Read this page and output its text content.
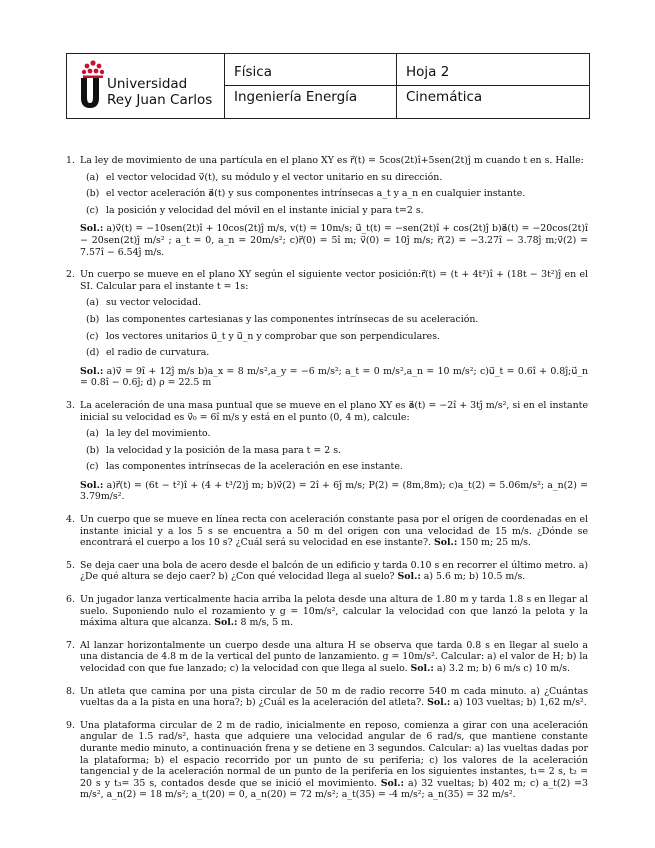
Universidad
Rey Juan Carlos
Física
Ingeniería Energía
Hoja 2
Cinemática
1. La ley de movimiento de una partícula en el plano XY es r⃗(t) = 5cos(2t)î+5sen(2t)ĵ m cuando t en s. Halle:
(a) el vector velocidad v⃗(t), su módulo y el vector unitario en su dirección.
(b) el vector aceleración a⃗(t) y sus componentes intrínsecas a_t y a_n en cualquier instante.
(c) la posición y velocidad del móvil en el instante inicial y para t=2 s.
Sol.: a)v⃗(t) = −10sen(2t)î + 10cos(2t)ĵ m/s, v(t) = 10m/s; u⃗_t(t) = −sen(2t)î + cos(2t)ĵ b)a⃗(t) = −20cos(2t)î − 20sen(2t)ĵ m/s² ; a_t = 0, a_n = 20m/s²; c)r⃗(0) = 5î m; v⃗(0) = 10ĵ m/s; r⃗(2) = −3.27î − 3.78ĵ m;v⃗(2) = 7.57î − 6.54ĵ m/s.
2. Un cuerpo se mueve en el plano XY según el siguiente vector posición:r⃗(t) = (t + 4t²)î + (18t − 3t²)ĵ en el SI. Calcular para el instante t = 1s:
(a) su vector velocidad.
(b) las componentes cartesianas y las componentes intrínsecas de su aceleración.
(c) los vectores unitarios u⃗_t y u⃗_n y comprobar que son perpendiculares.
(d) el radio de curvatura.
Sol.: a)v⃗ = 9î + 12ĵ m/s b)a_x = 8 m/s²,a_y = −6 m/s²; a_t = 0 m/s²,a_n = 10 m/s²; c)u⃗_t = 0.6î + 0.8ĵ;u⃗_n = 0.8î − 0.6ĵ; d) ρ = 22.5 m
3. La aceleración de una masa puntual que se mueve en el plano XY es a⃗(t) = −2î + 3tĵ m/s², si en el instante inicial su velocidad es v⃗₀ = 6î m/s y está en el punto (0, 4 m), calcule:
(a) la ley del movimiento.
(b) la velocidad y la posición de la masa para t = 2 s.
(c) las componentes intrínsecas de la aceleración en ese instante.
Sol.: a)r⃗(t) = (6t − t²)î + (4 + t³/2)ĵ m; b)v⃗(2) = 2î + 6ĵ m/s; P(2) = (8m,8m); c)a_t(2) = 5.06m/s²; a_n(2) = 3.79m/s².
4. Un cuerpo que se mueve en línea recta con aceleración constante pasa por el origen de coordenadas en el instante inicial y a los 5 s se encuentra a 50 m del origen con una velocidad de 15 m/s. ¿Dónde se encontrará el cuerpo a los 10 s? ¿Cuál será su velocidad en ese instante?. Sol.: 150 m; 25 m/s.
5. Se deja caer una bola de acero desde el balcón de un edificio y tarda 0.10 s en recorrer el último metro. a) ¿De qué altura se dejo caer? b) ¿Con qué velocidad llega al suelo? Sol.: a) 5.6 m; b) 10.5 m/s.
6. Un jugador lanza verticalmente hacia arriba la pelota desde una altura de 1.80 m y tarda 1.8 s en llegar al suelo. Suponiendo nulo el rozamiento y g = 10m/s², calcular la velocidad con que lanzó la pelota y la máxima altura que alcanza. Sol.: 8 m/s, 5 m.
7. Al lanzar horizontalmente un cuerpo desde una altura H se observa que tarda 0.8 s en llegar al suelo a una distancia de 4.8 m de la vertical del punto de lanzamiento. g = 10m/s². Calcular: a) el valor de H; b) la velocidad con que fue lanzado; c) la velocidad con que llega al suelo. Sol.: a) 3.2 m; b) 6 m/s c) 10 m/s.
8. Un atleta que camina por una pista circular de 50 m de radio recorre 540 m cada minuto. a) ¿Cuántas vueltas da a la pista en una hora?; b) ¿Cuál es la aceleración del atleta?. Sol.: a) 103 vueltas; b) 1,62 m/s².
9. Una plataforma circular de 2 m de radio, inicialmente en reposo, comienza a girar con una aceleración angular de 1.5 rad/s², hasta que adquiere una velocidad angular de 6 rad/s, que mantiene constante durante medio minuto, a continuación frena y se detiene en 3 segundos. Calcular: a) las vueltas dadas por la plataforma; b) el espacio recorrido por un punto de su periferia; c) los valores de la aceleración tangencial y de la aceleración normal de un punto de la periferia en los siguientes instantes, t₁= 2 s, t₂ = 20 s y t₃= 35 s, contados desde que se inició el movimiento. Sol.: a) 32 vueltas; b) 402 m; c) a_t(2) =3 m/s², a_n(2) = 18 m/s²; a_t(20) = 0, a_n(20) = 72 m/s²; a_t(35) = -4 m/s²; a_n(35) = 32 m/s².
